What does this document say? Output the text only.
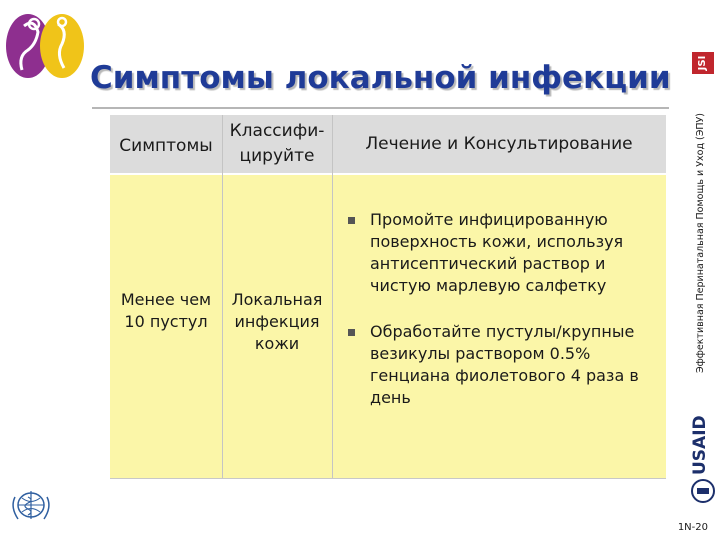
Симптомы локальной инфекции
Симптомы
Классифи- цируйте
Лечение и Консультирование
Менее чем 10 пустул
Локальная инфекция кожи
Промойте инфицированную поверхность кожи, используя антисептический раствор и чистую марлевую салфетку
Обработайте пустулы/крупные везикулы раствором 0.5% генциана фиолетового 4 раза в день
JSI
Эффективная Перинатальная Помощь и Уход (ЭПУ)
USAID
1N-20
